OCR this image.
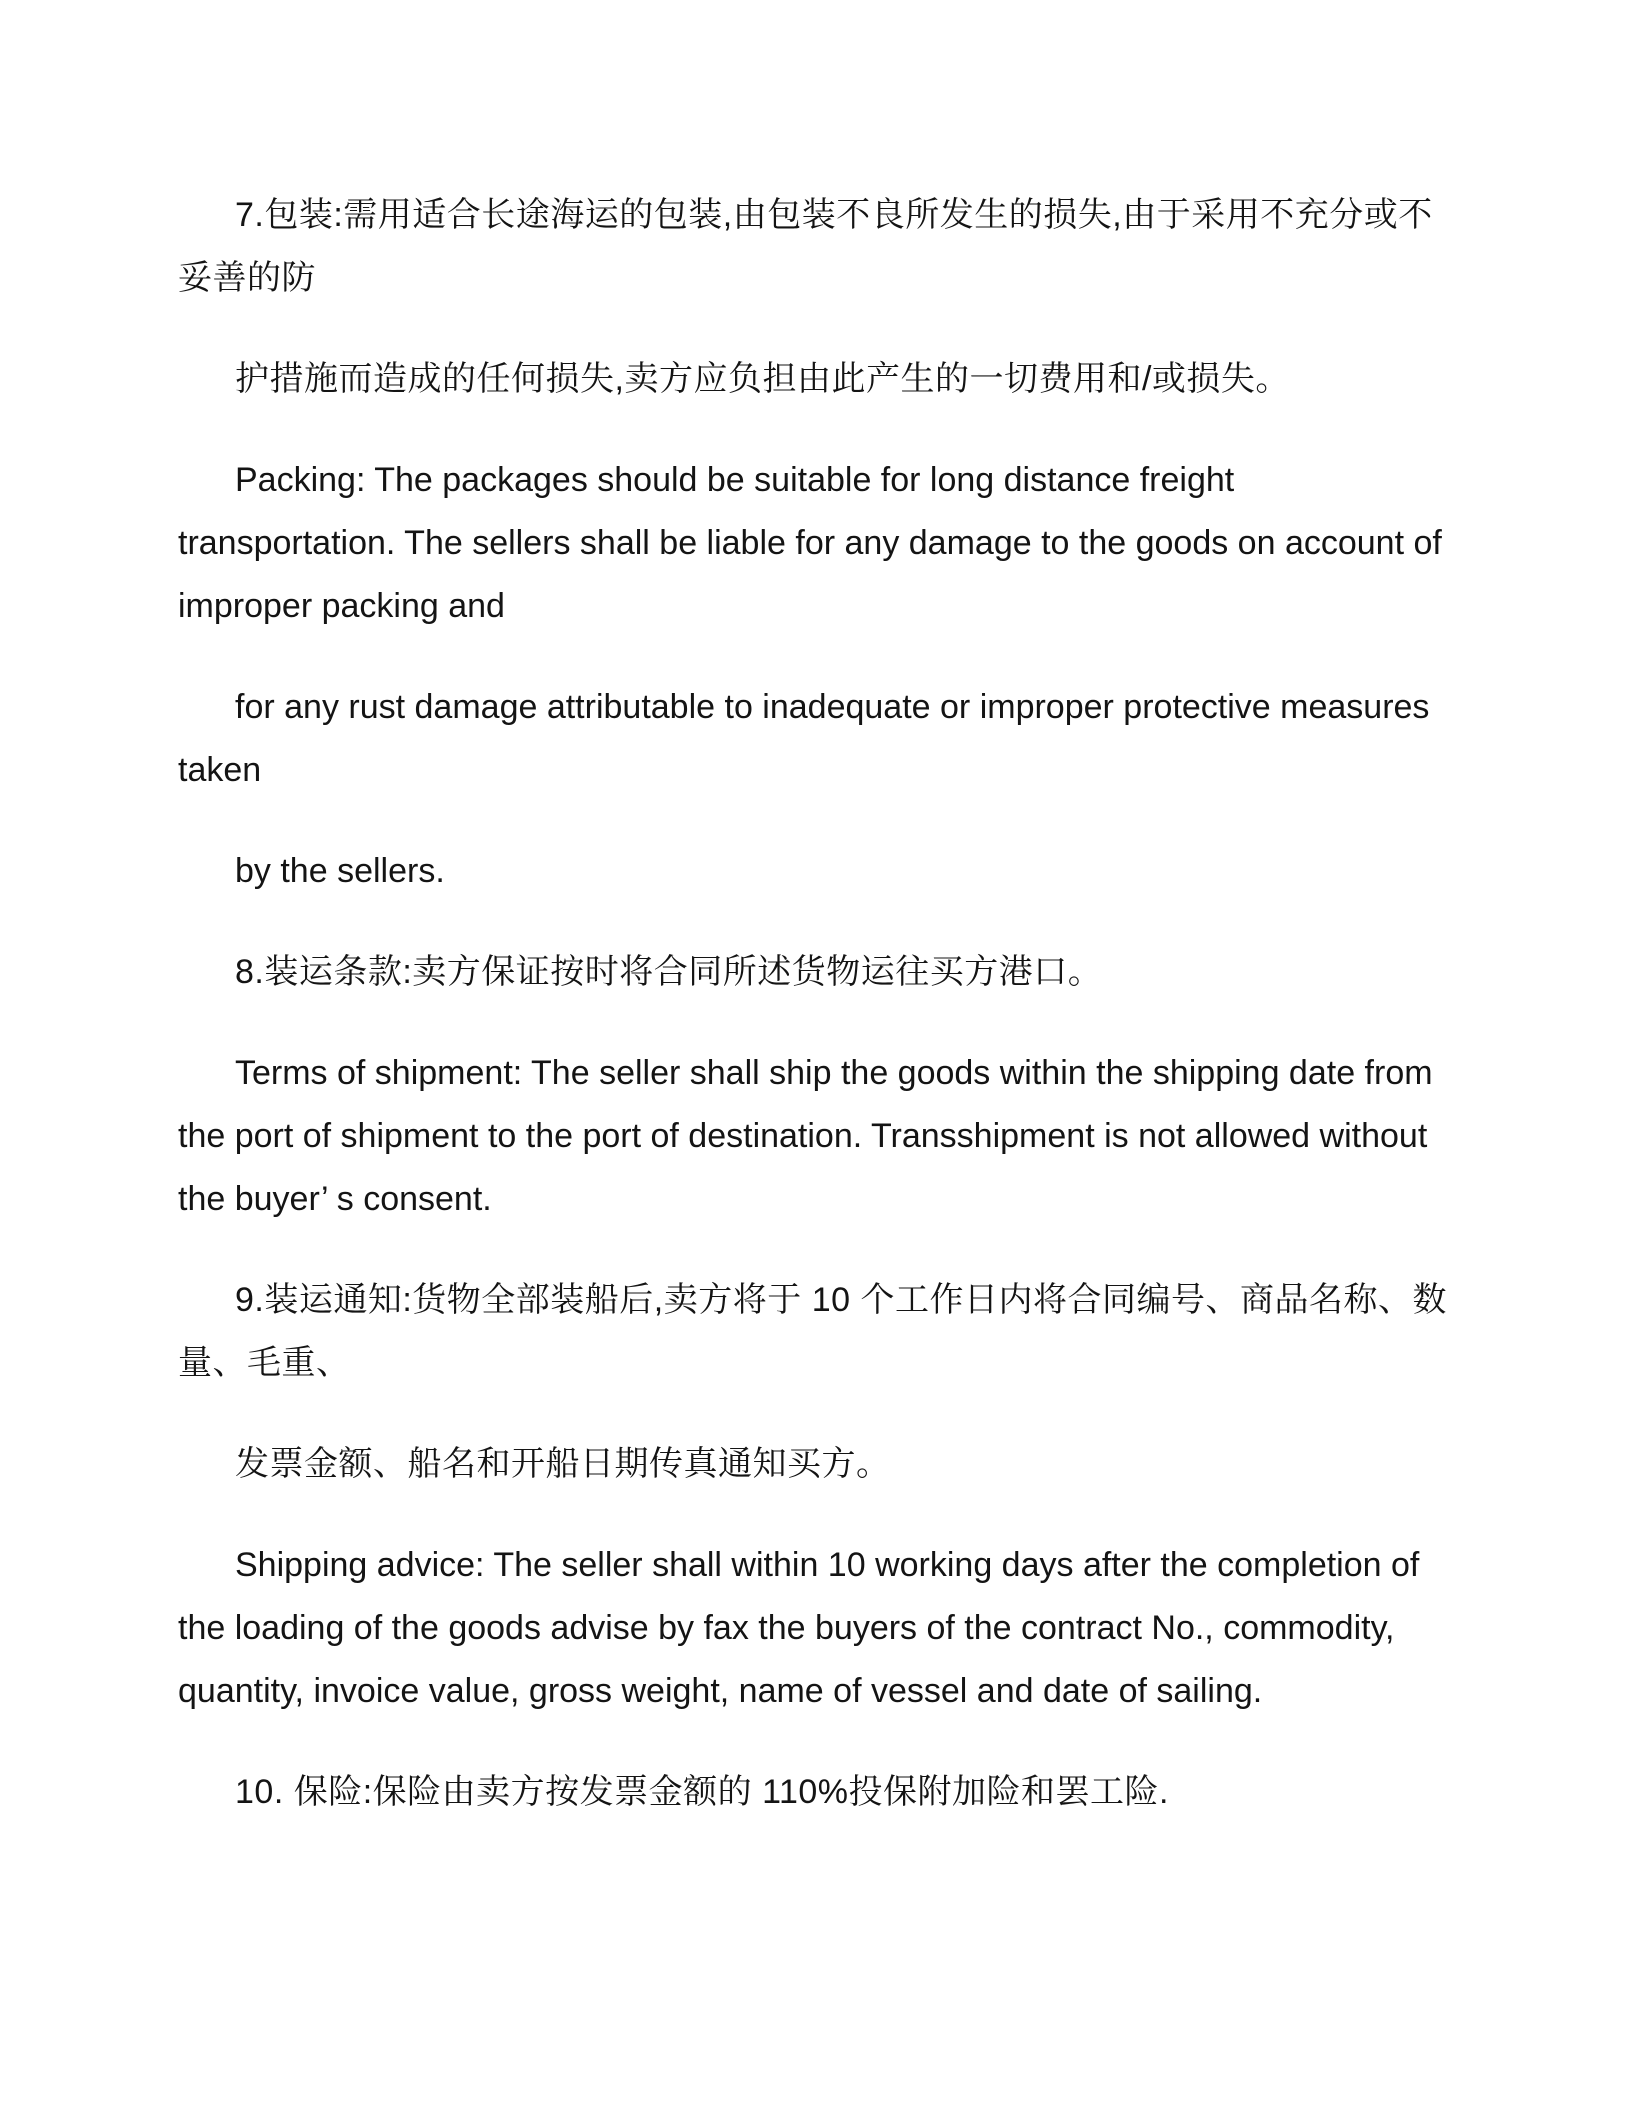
7.包装:需用适合长途海运的包装,由包装不良所发生的损失,由于采用不充分或不妥善的防

护措施而造成的任何损失,卖方应负担由此产生的一切费用和/或损失。

Packing: The packages should be suitable for long distance freight transportation. The sellers shall be liable for any damage to the goods on account of improper packing and

for any rust damage attributable to inadequate or improper protective measures taken

by the sellers.

8.装运条款:卖方保证按时将合同所述货物运往买方港口。

Terms of shipment: The seller shall ship the goods within the shipping date from the port of shipment to the port of destination. Transshipment is not allowed without the buyer’ s consent.

9.装运通知:货物全部装船后,卖方将于 10 个工作日内将合同编号、商品名称、数量、毛重、

发票金额、船名和开船日期传真通知买方。

Shipping advice: The seller shall within 10 working days after the completion of the loading of the goods advise by fax the buyers of the contract No., commodity, quantity, invoice value, gross weight, name of vessel and date of sailing.

10. 保险:保险由卖方按发票金额的 110%投保附加险和罢工险.
